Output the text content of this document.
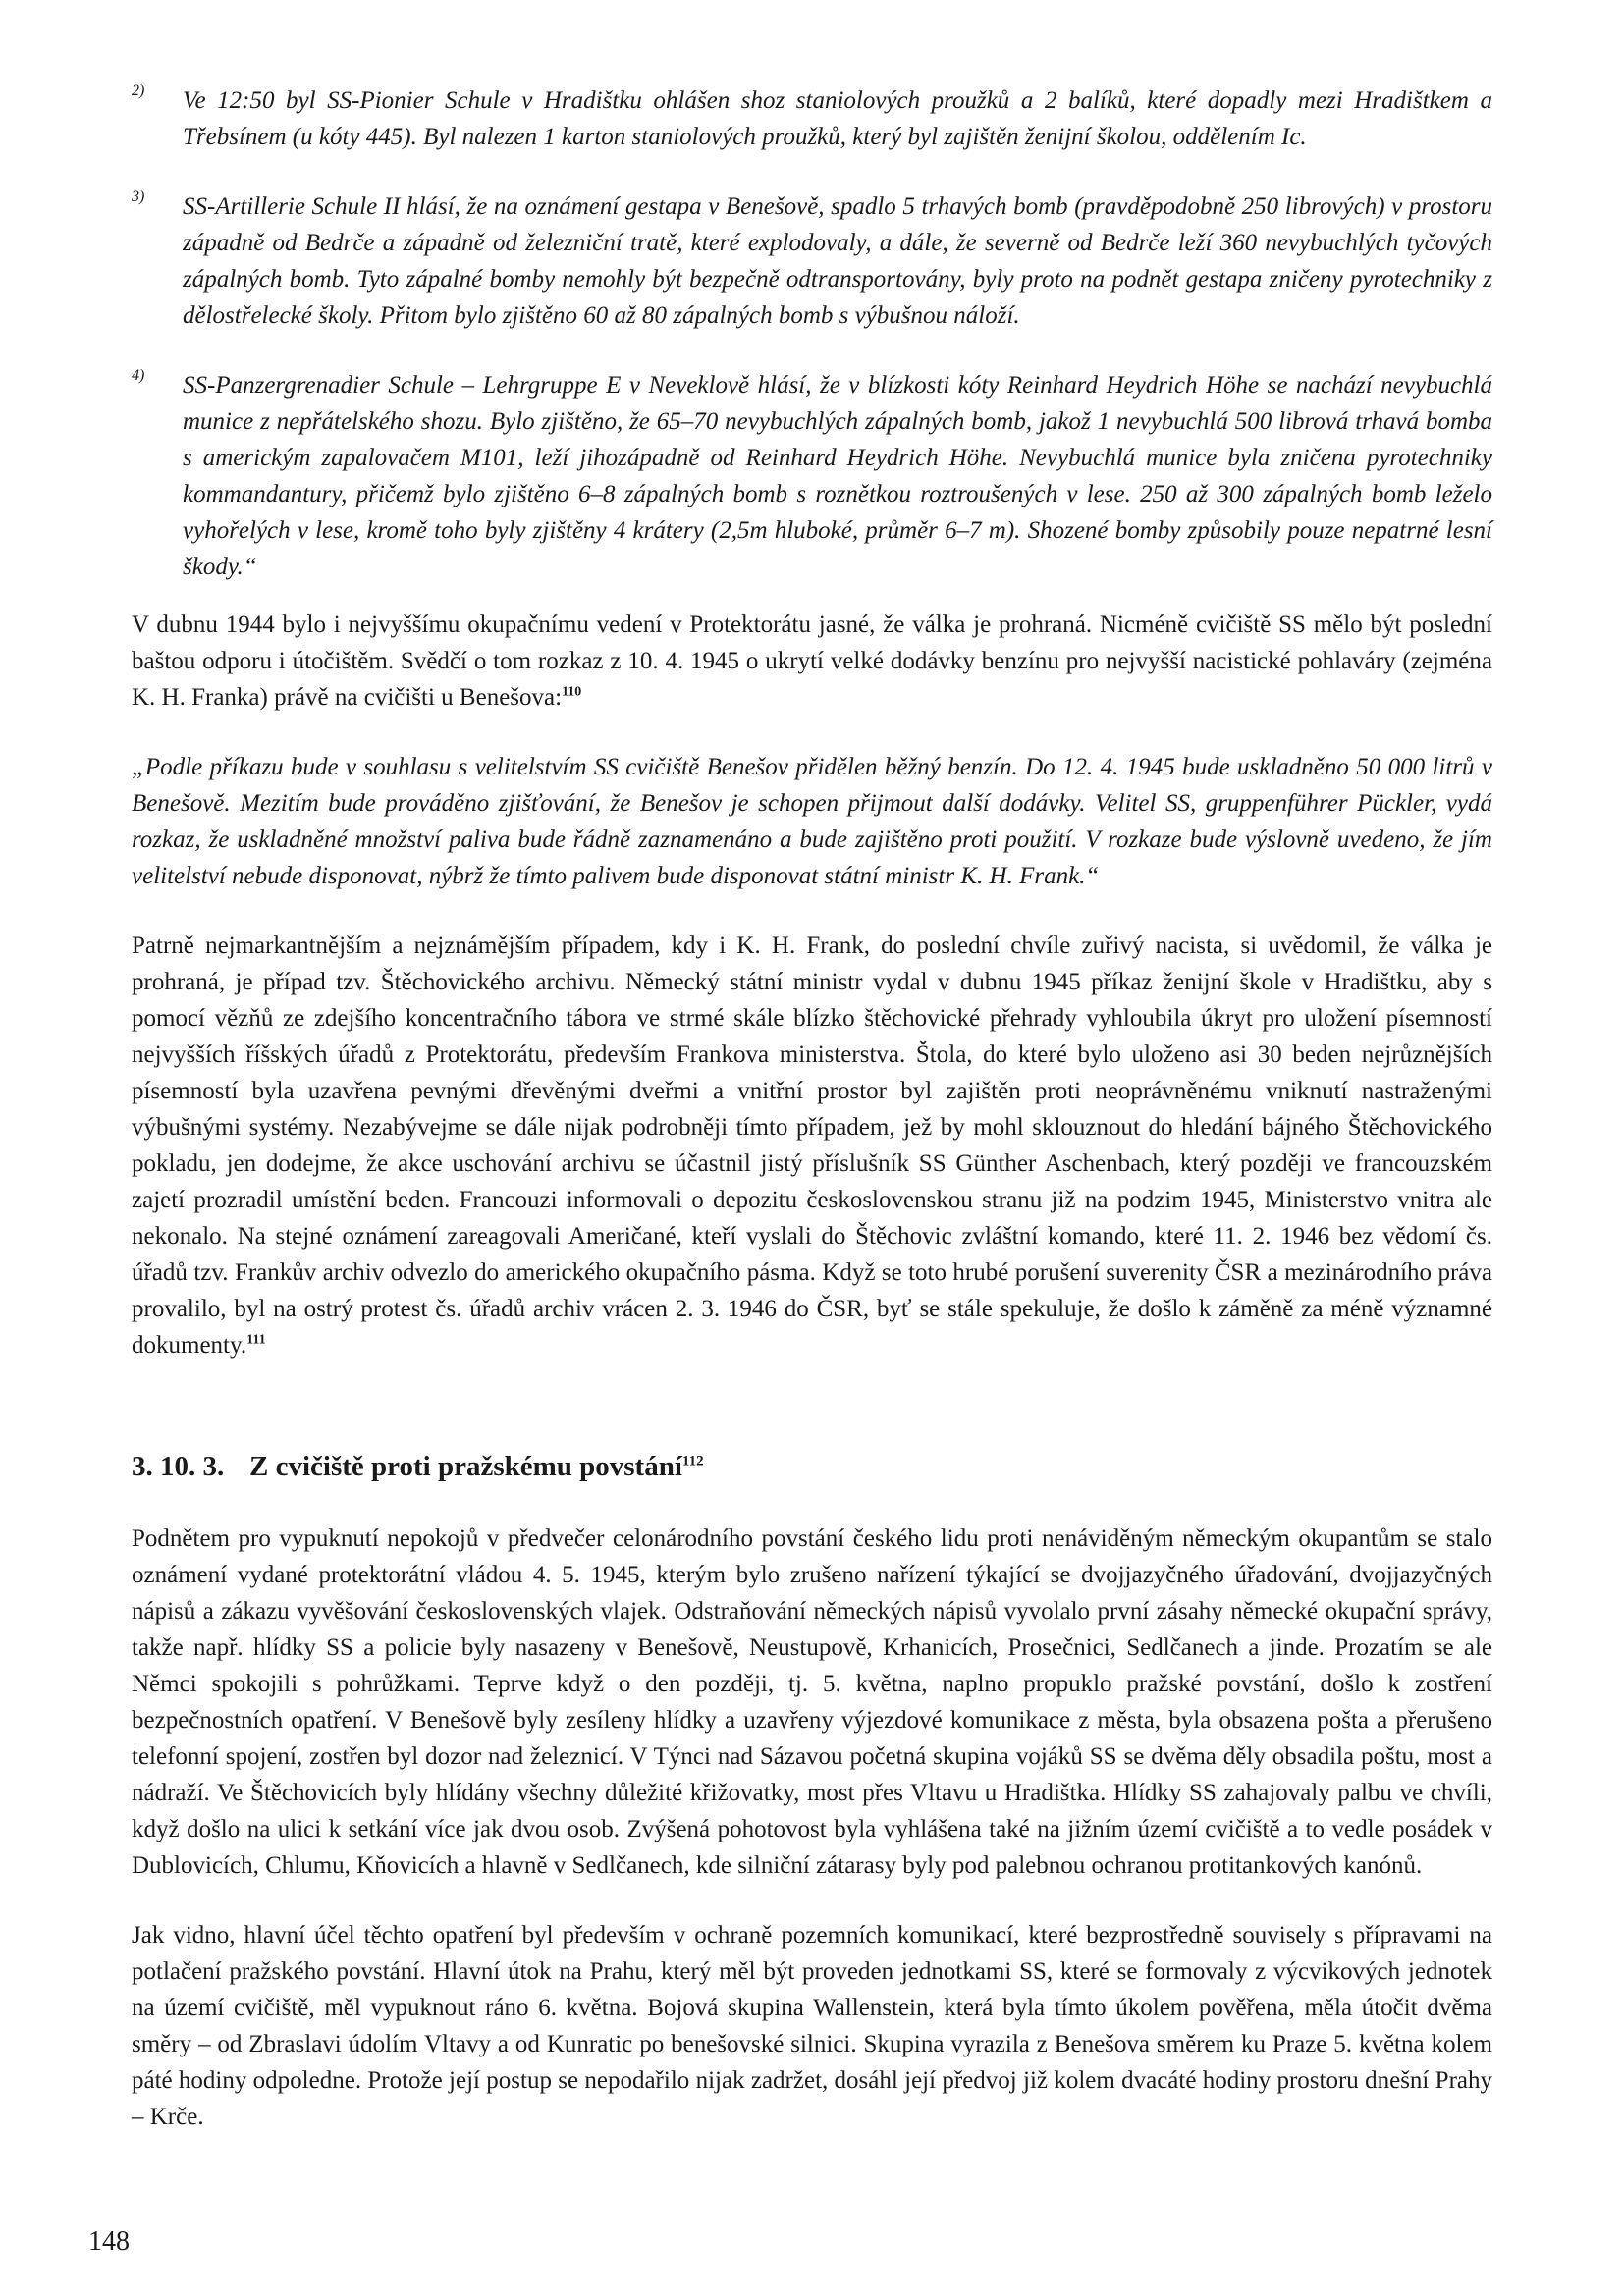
2) Ve 12:50 byl SS-Pionier Schule v Hradištku ohlášen shoz staniolových proužků a 2 balíků, které dopadly mezi Hradištkem a Třebsínem (u kóty 445). Byl nalezen 1 karton staniolových proužků, který byl zajištěn ženijní školou, oddělením Ic.

3) SS-Artillerie Schule II hlásí, že na oznámení gestapa v Benešově, spadlo 5 trhavých bomb (pravděpodobně 250 librových) v prostoru západně od Bedrče a západně od železniční tratě, které explodovaly, a dále, že severně od Bedrče leží 360 nevybuchlých tyčových zápalných bomb. Tyto zápalné bomby nemohly být bezpečně odtransportovány, byly proto na podnět gestapa zničeny pyrotechniky z dělostřelecké školy. Přitom bylo zjištěno 60 až 80 zápalných bomb s výbušnou náloží.

4) SS-Panzergrenadier Schule – Lehrgruppe E v Neveklově hlásí, že v blízkosti kóty Reinhard Heydrich Höhe se nachází nevybuchlá munice z nepřátelského shozu. Bylo zjištěno, že 65–70 nevybuchlých zápalných bomb, jakož 1 nevybuchlá 500 librová trhavá bomba s americkým zapalovačem M101, leží jihozápadně od Reinhard Heydrich Höhe. Nevybuchlá munice byla zničena pyrotechniky kommandantury, přičemž bylo zjištěno 6–8 zápalných bomb s roznětkou roztroušených v lese. 250 až 300 zápalných bomb leželo vyhořelých v lese, kromě toho byly zjištěny 4 krátery (2,5m hluboké, průměr 6–7 m). Shozené bomby způsobily pouze nepatrné lesní škody.“

V dubnu 1944 bylo i nejvyššímu okupačnímu vedení v Protektorátu jasné, že válka je prohraná. Nicméně cvičiště SS mělo být poslední baštou odporu i útočištěm. Svědčí o tom rozkaz z 10. 4. 1945 o ukrytí velké dodávky benzínu pro nejvyšší nacistické pohlaváry (zejména K. H. Franka) právě na cvičišti u Benešova:$^{110}$

„Podle příkazu bude v souhlasu s velitelstvím SS cvičiště Benešov přidělen běžný benzín. Do 12. 4. 1945 bude uskladněno 50 000 litrů v Benešově. Mezitím bude prováděno zjišťování, že Benešov je schopen přijmout další dodávky. Velitel SS, gruppenführer Pückler, vydá rozkaz, že uskladněné množství paliva bude řádně zaznamenáno a bude zajištěno proti použití. V rozkaze bude výslovně uvedeno, že jím velitelství nebude disponovat, nýbrž že tímto palivem bude disponovat státní ministr K. H. Frank.“

Patrně nejmarkantnějším a nejznámějším případem, kdy i K. H. Frank, do poslední chvíle zuřivý nacista, si uvědomil, že válka je prohraná, je případ tzv. Štěchovického archivu. Německý státní ministr vydal v dubnu 1945 příkaz ženijní škole v Hradištku, aby s pomocí vězňů ze zdejšího koncentračního tábora ve strmé skále blízko štěchovické přehrady vyhloubila úkryt pro uložení písemností nejvyšších říšských úřadů z Protektorátu, především Frankova ministerstva. Štola, do které bylo uloženo asi 30 beden nejrůznějších písemností byla uzavřena pevnými dřevěnými dveřmi a vnitřní prostor byl zajištěn proti neoprávněnému vniknutí nastraženými výbušnými systémy. Nezabývejme se dále nijak podrobněji tímto případem, jež by mohl sklouznout do hledání bájného Štěchovického pokladu, jen dodejme, že akce uschování archivu se účastnil jistý příslušník SS Günther Aschenbach, který později ve francouzském zajetí prozradil umístění beden. Francouzi informovali o depozitu československou stranu již na podzim 1945, Ministerstvo vnitra ale nekonalo. Na stejné oznámení zareagovali Američané, kteří vyslali do Štěchovic zvláštní komando, které 11. 2. 1946 bez vědomí čs. úřadů tzv. Frankův archiv odvezlo do amerického okupačního pásma. Když se toto hrubé porušení suverenity ČSR a mezinárodního práva provalilo, byl na ostrý protest čs. úřadů archiv vrácen 2. 3. 1946 do ČSR, byť se stále spekuluje, že došlo k záměně za méně významné dokumenty.$^{111}$

3. 10. 3. Z cvičiště proti pražskému povstání$^{112}$

Podnětem pro vypuknutí nepokojů v předvečer celonárodního povstání českého lidu proti nenáviděným německým okupantům se stalo oznámení vydané protektorátní vládou 4. 5. 1945, kterým bylo zrušeno nařízení týkající se dvojjazyčného úřadování, dvojjazyčných nápisů a zákazu vyvěšování československých vlajek. Odstraňování německých nápisů vyvolalo první zásahy německé okupační správy, takže např. hlídky SS a policie byly nasazeny v Benešově, Neustupově, Krhanicích, Prosečnici, Sedlčanech a jinde. Prozatím se ale Němci spokojili s pohrůžkami. Teprve když o den později, tj. 5. května, naplno propuklo pražské povstání, došlo k zostření bezpečnostních opatření. V Benešově byly zesíleny hlídky a uzavřeny výjezdové komunikace z města, byla obsazena pošta a přerušeno telefonní spojení, zostřen byl dozor nad železnicí. V Týnci nad Sázavou početná skupina vojáků SS se dvěma děly obsadila poštu, most a nádraží. Ve Štěchovicích byly hlídány všechny důležité křižovatky, most přes Vltavu u Hradištka. Hlídky SS zahajovaly palbu ve chvíli, když došlo na ulici k setkání více jak dvou osob. Zvýšená pohotovost byla vyhlášena také na jižním území cvičiště a to vedle posádek v Dublovicích, Chlumu, Kňovicích a hlavně v Sedlčanech, kde silniční zátarasy byly pod palebnou ochranou protitankových kanónů.

Jak vidno, hlavní účel těchto opatření byl především v ochraně pozemních komunikací, které bezprostředně souvisely s přípravami na potlačení pražského povstání. Hlavní útok na Prahu, který měl být proveden jednotkami SS, které se formovaly z výcvikových jednotek na území cvičiště, měl vypuknout ráno 6. května. Bojová skupina Wallenstein, která byla tímto úkolem pověřena, měla útočit dvěma směry – od Zbraslavi údolím Vltavy a od Kunratic po benešovské silnici. Skupina vyrazila z Benešova směrem ku Praze 5. května kolem páté hodiny odpoledne. Protože její postup se nepodařilo nijak zadržet, dosáhl její předvoj již kolem dvacáté hodiny prostoru dnešní Prahy – Krče.

148
